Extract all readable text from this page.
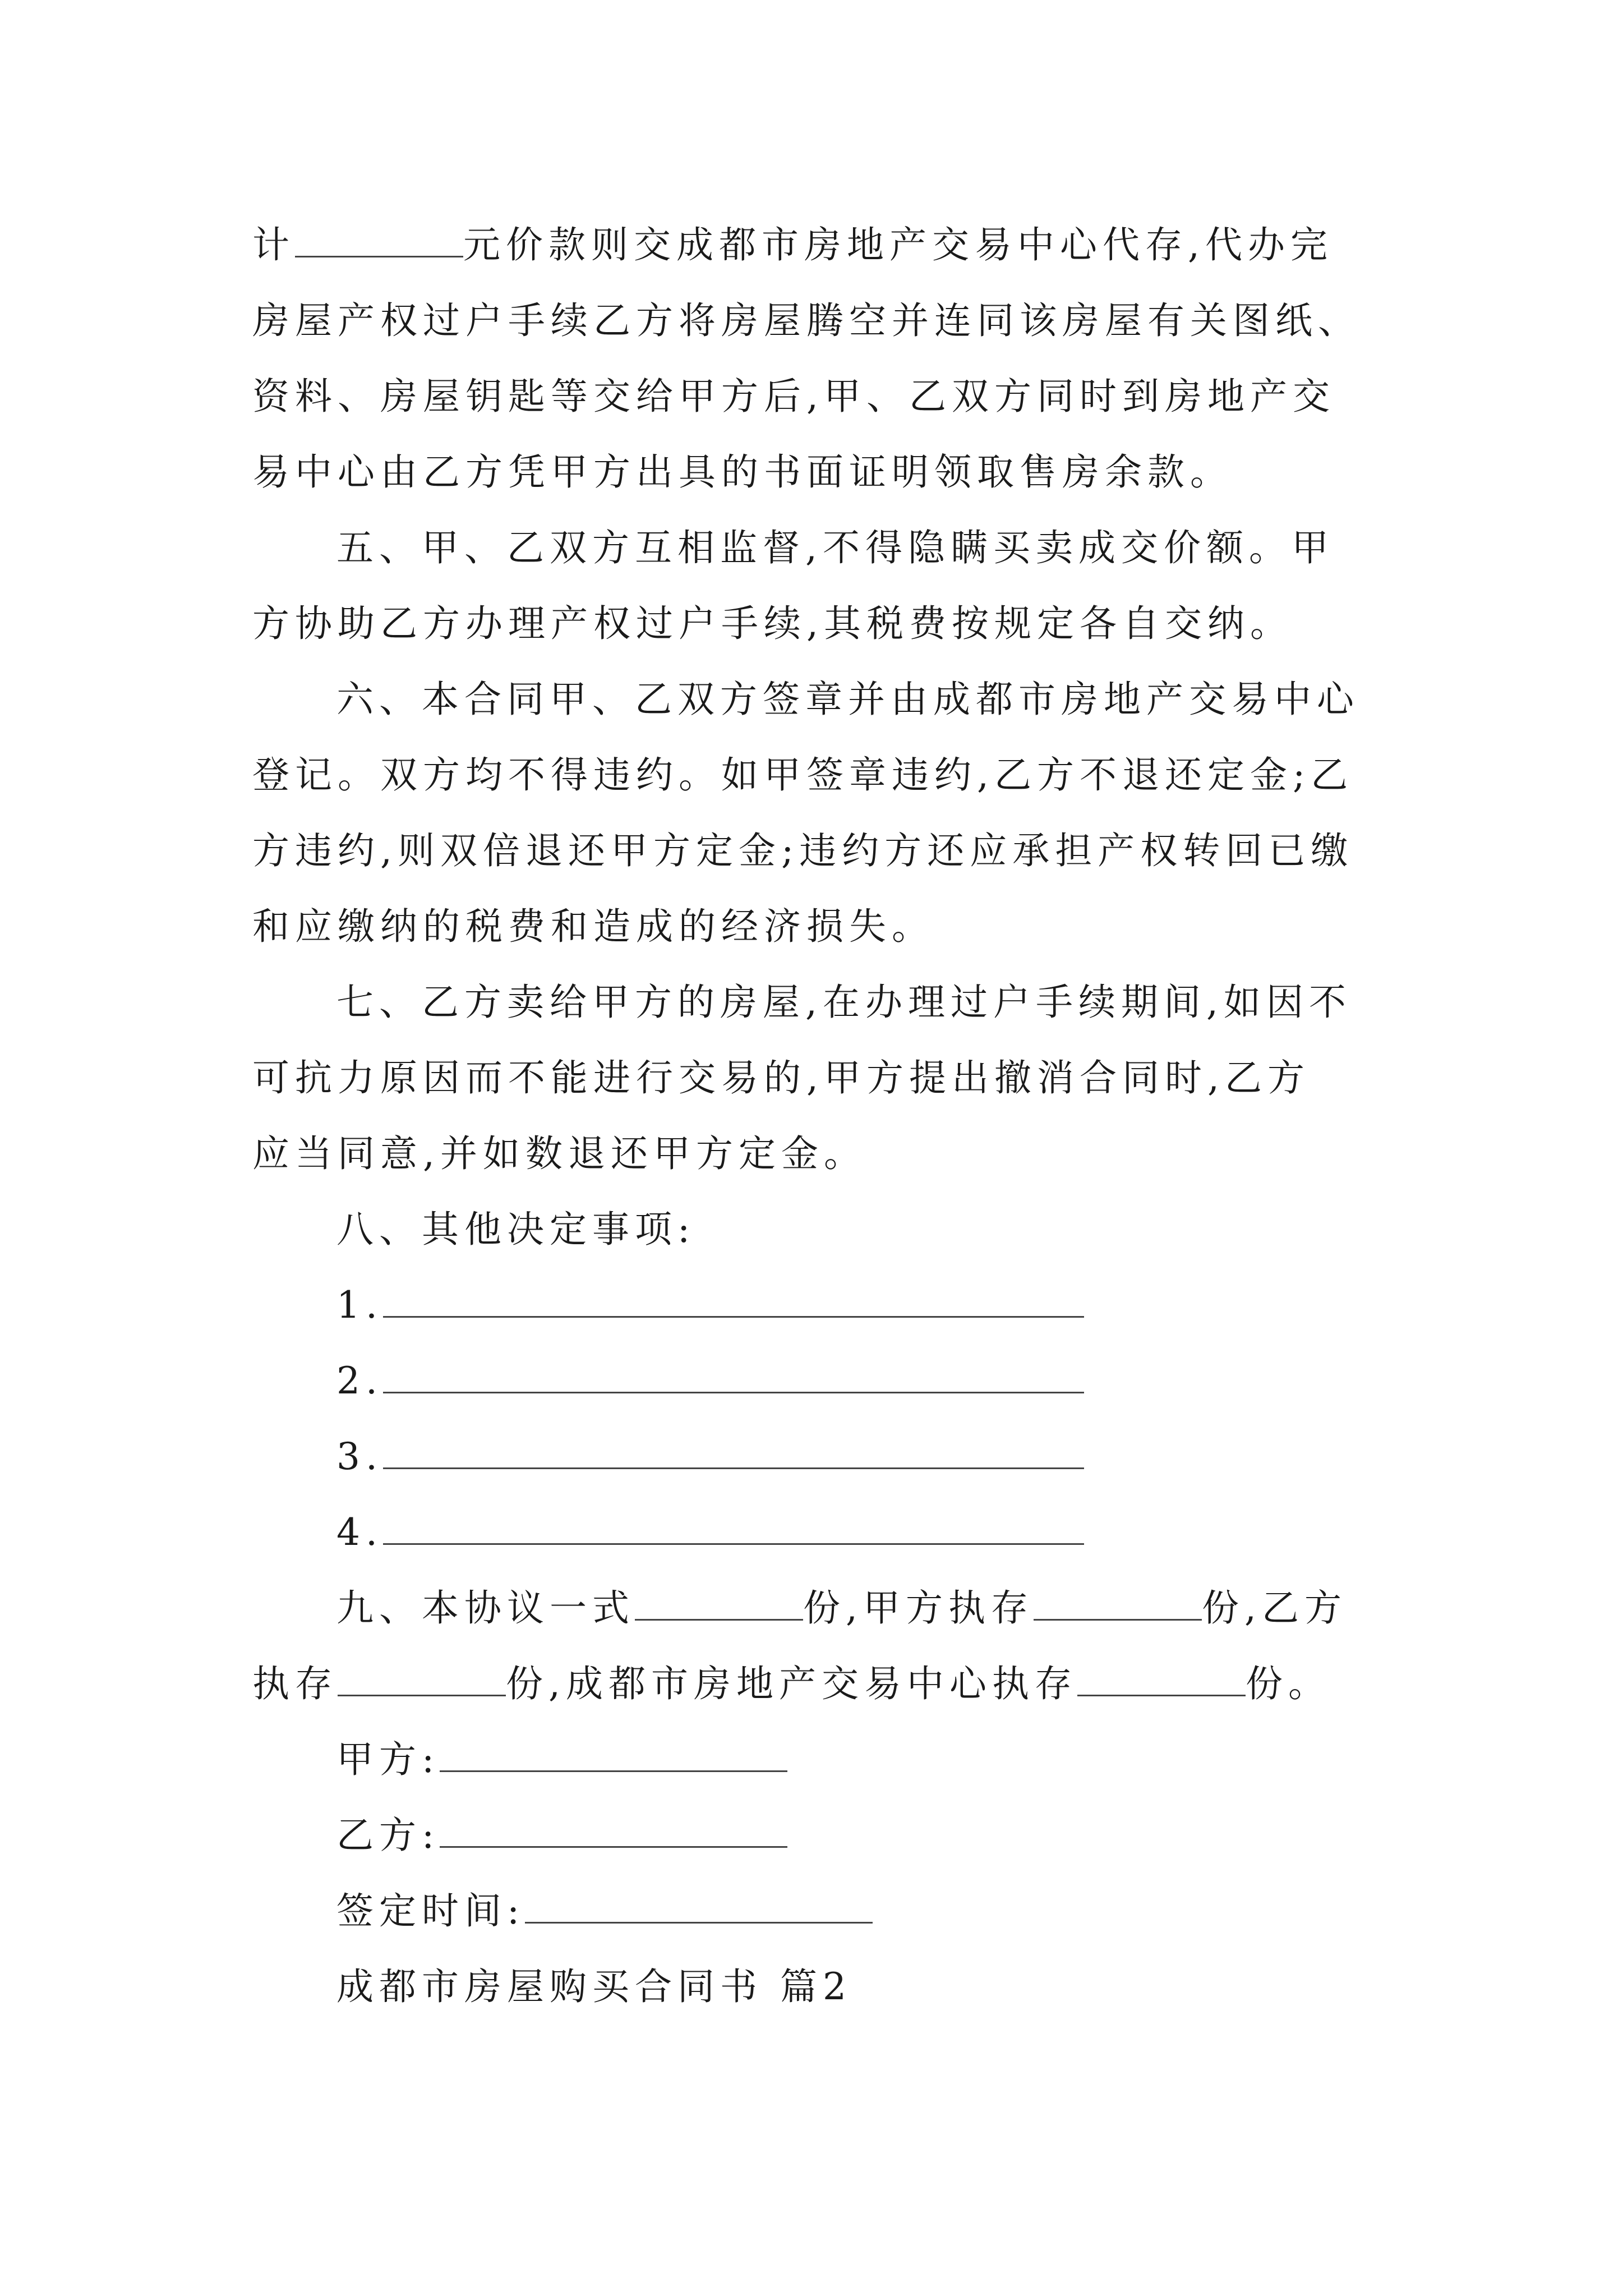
计	元价款则交成都市房地产交易中心代存,代办完
房屋产权过户手续乙方将房屋腾空并连同该房屋有关图纸、
资料、房屋钥匙等交给甲方后,甲、乙双方同时到房地产交
易中心由乙方凭甲方出具的书面证明领取售房余款。
五、甲、乙双方互相监督,不得隐瞒买卖成交价额。甲
方协助乙方办理产权过户手续,其税费按规定各自交纳。
六、本合同甲、乙双方签章并由成都市房地产交易中心
登记。双方均不得违约。如甲签章违约,乙方不退还定金;乙
方违约,则双倍退还甲方定金;违约方还应承担产权转回已缴
和应缴纳的税费和造成的经济损失。
七、乙方卖给甲方的房屋,在办理过户手续期间,如因不
可抗力原因而不能进行交易的,甲方提出撤消合同时,乙方
应当同意,并如数退还甲方定金。
八、其他决定事项:
1.
2.
3.
4.
九、本协议一式	份,甲方执存	份,乙方
执存	份,成都市房地产交易中心执存	份。
甲方:
乙方:
签定时间:
成都市房屋购买合同书 篇2
